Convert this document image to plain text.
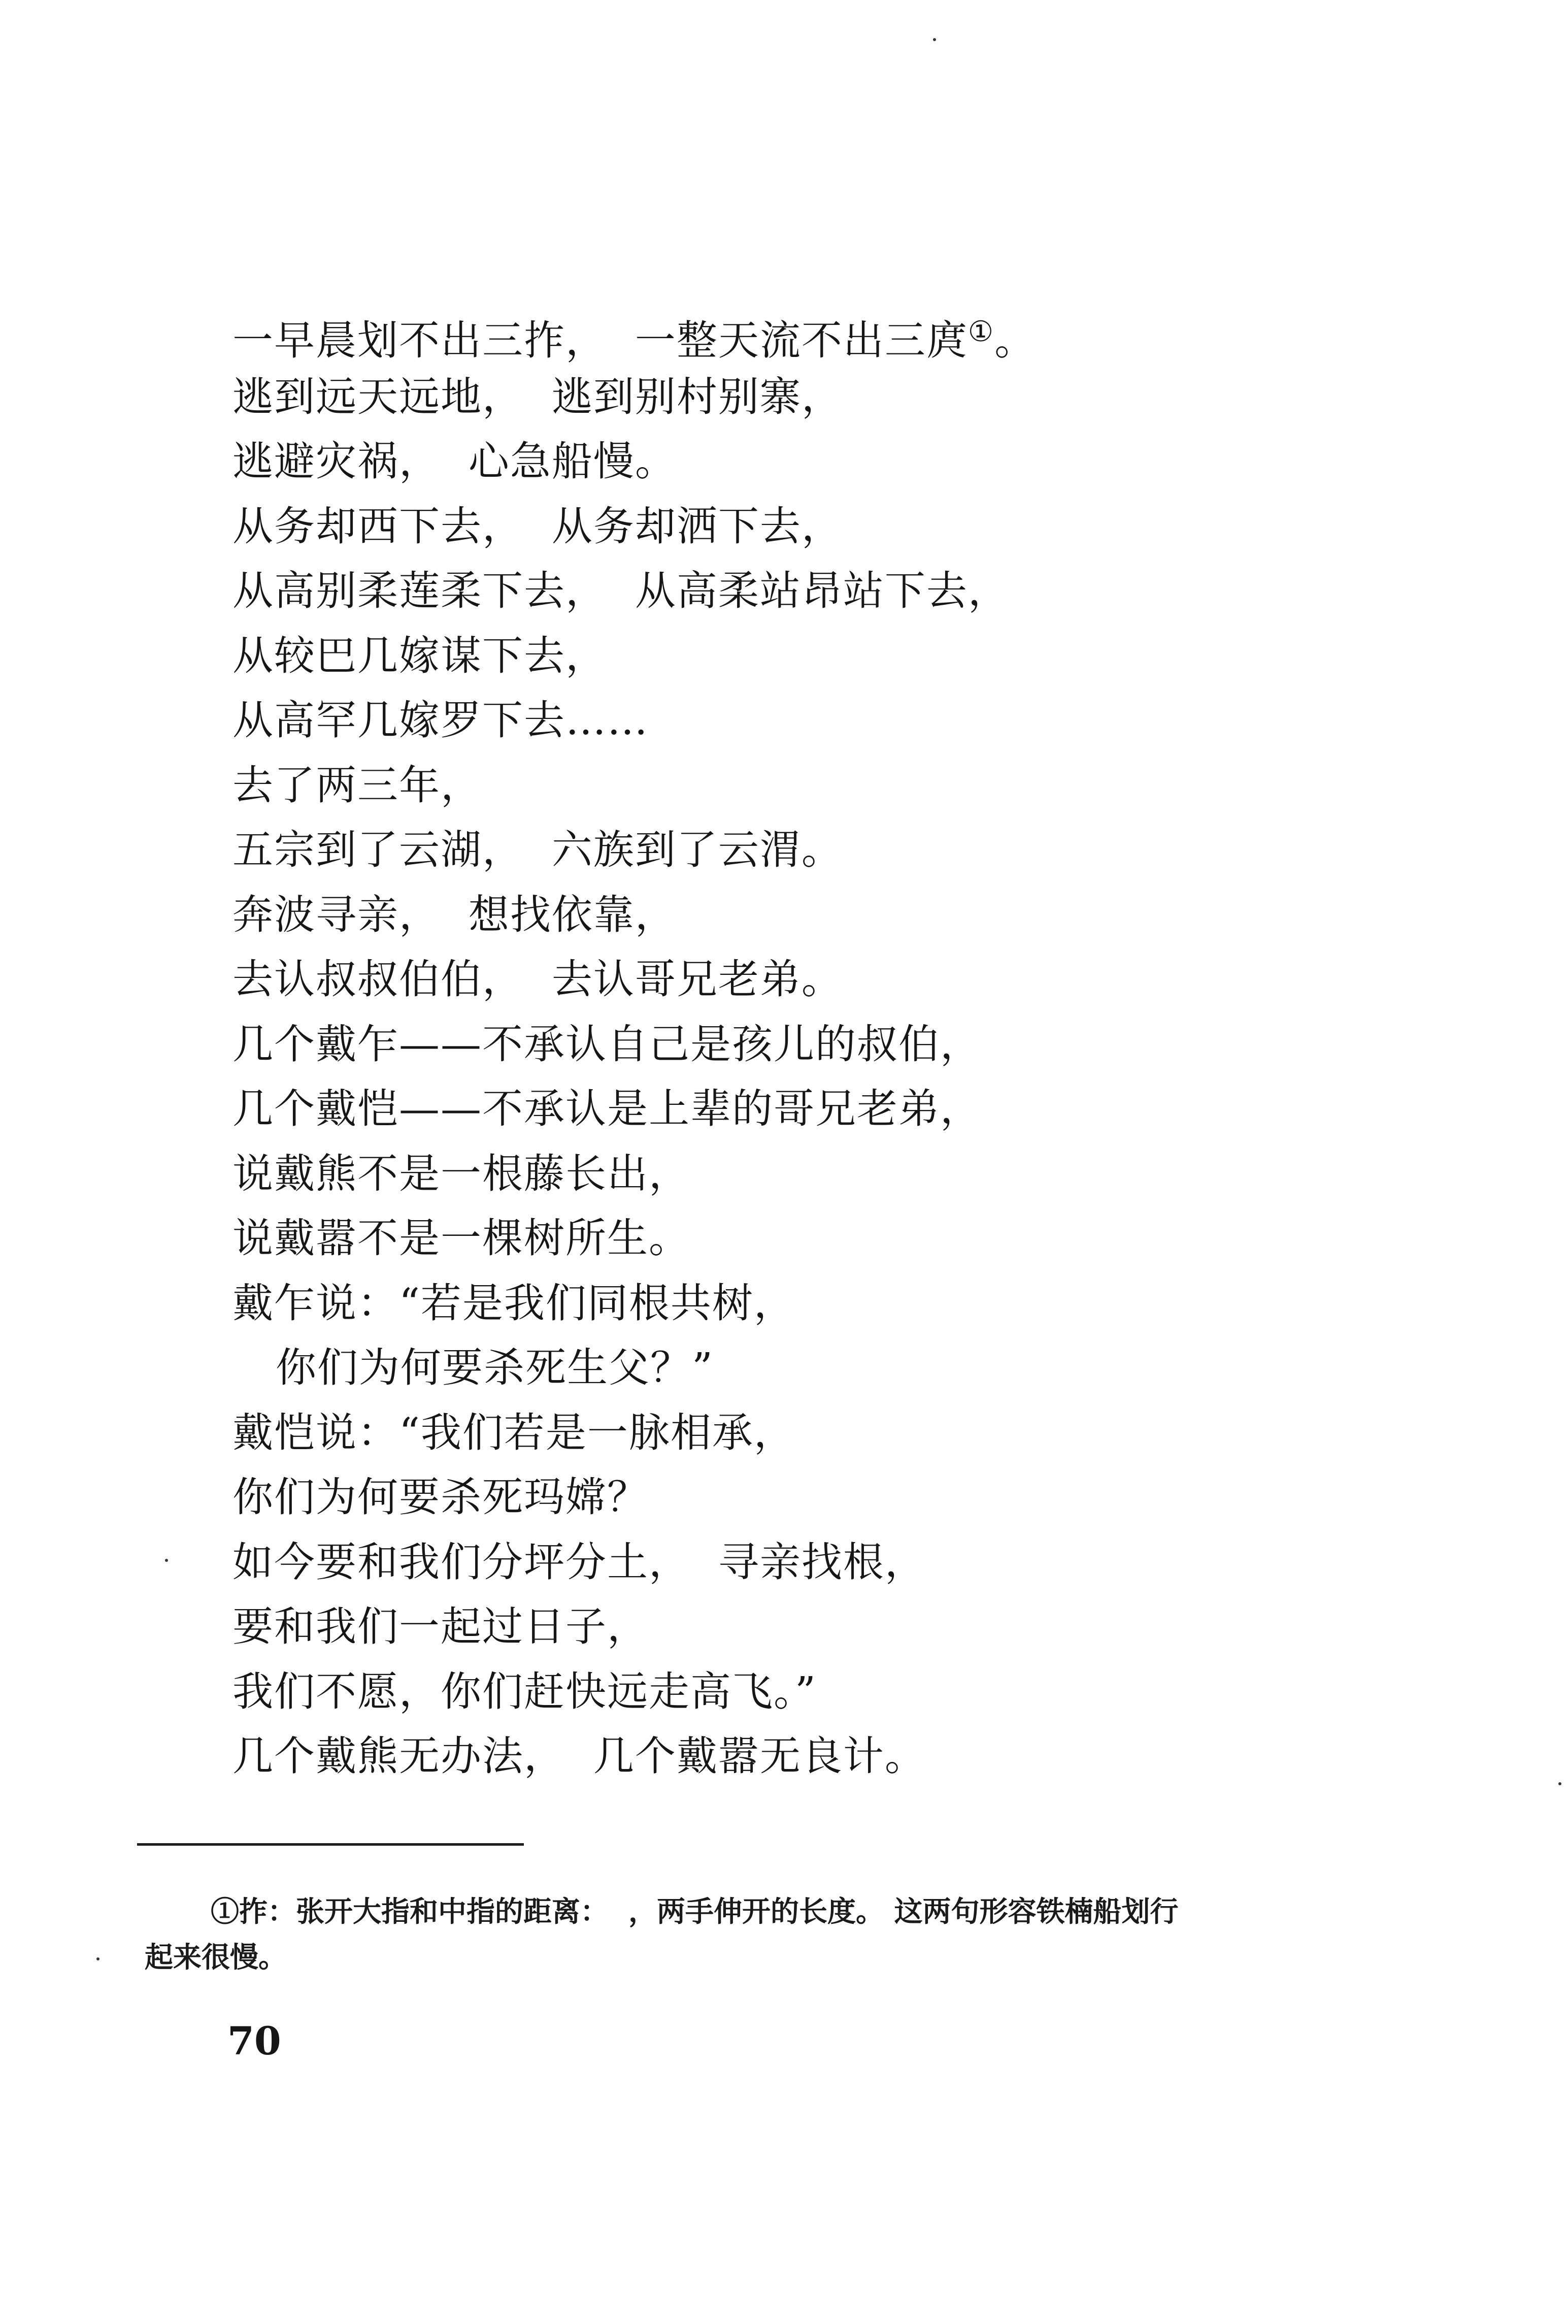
一早晨划不出三拃，  一整天流不出三庹①。
逃到远天远地，  逃到别村别寨，
逃避灾祸，  心急船慢。
从务却西下去，  从务却洒下去，
从高别柔莲柔下去，  从高柔站昂站下去，
从较巴几嫁谋下去，
从高罕几嫁罗下去……
去了两三年，
五宗到了云湖，  六族到了云渭。
奔波寻亲，  想找依靠，
去认叔叔伯伯，  去认哥兄老弟。
几个戴乍——不承认自己是孩儿的叔伯，
几个戴恺——不承认是上辈的哥兄老弟，
说戴熊不是一根藤长出，
说戴嚣不是一棵树所生。
戴乍说：“若是我们同根共树，
你们为何要杀死生父？”
戴恺说：“我们若是一脉相承，
你们为何要杀死玛嫦？
如今要和我们分坪分土，  寻亲找根，
要和我们一起过日子，
我们不愿，你们赶快远走高飞。”
几个戴熊无办法，  几个戴嚣无良计。
①拃：张开大指和中指的距离：  ，两手伸开的长度。 这两句形容铁楠船划行
起来很慢。
70
